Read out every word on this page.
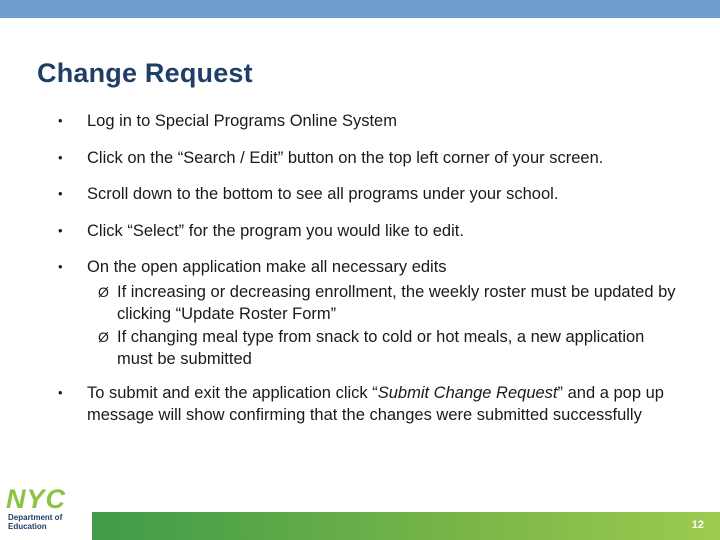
Change Request
• Log in to Special Programs Online System
• Click on the “Search / Edit” button on the top left corner of your screen.
• Scroll down to the bottom to see all programs under your school.
• Click “Select” for the program you would like to edit.
• On the open application make all necessary edits
Ø If increasing or decreasing enrollment, the weekly roster must be updated by clicking “Update Roster Form”
Ø If changing meal type from snack to cold or hot meals, a new application must be submitted
• To submit and exit the application click “Submit Change Request” and a pop up message will show confirming that the changes were submitted successfully
NYC
Department of
Education	12
